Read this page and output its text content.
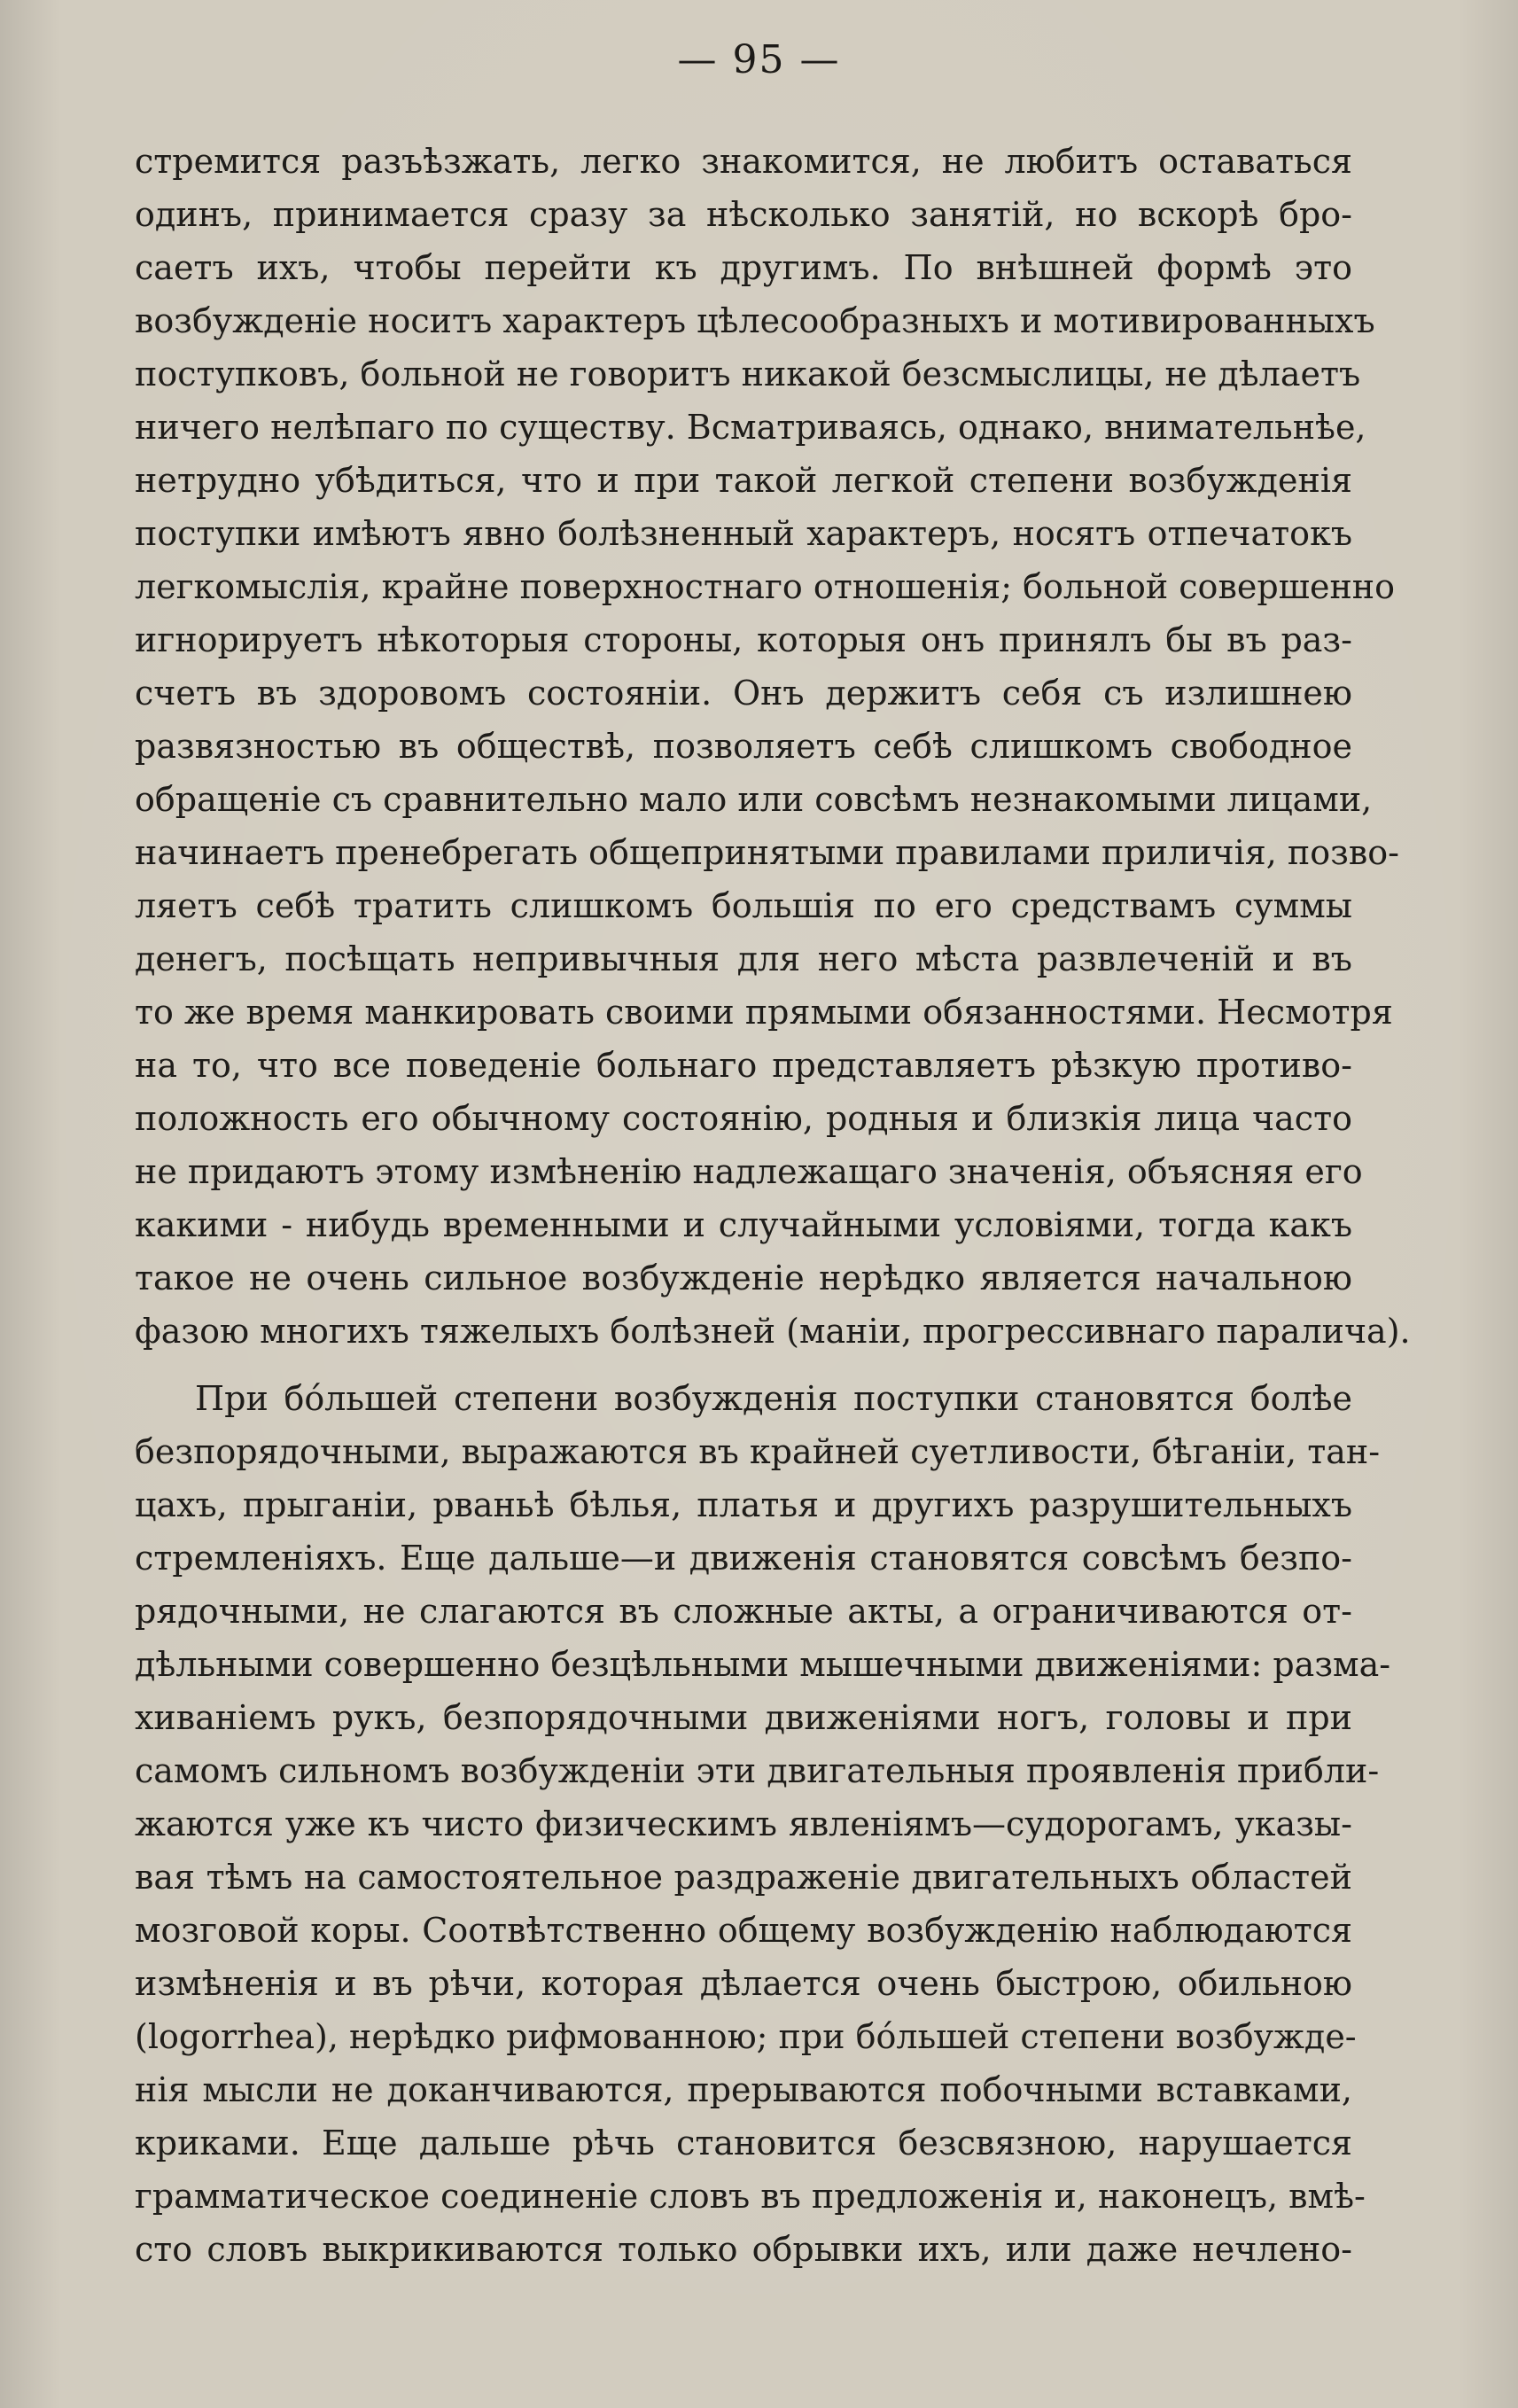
— 95 —
стремится разъѣзжать, легко знакомится, не любитъ оставаться
одинъ, принимается сразу за нѣсколько занятій, но вскорѣ бро-
саетъ ихъ, чтобы перейти къ другимъ. По внѣшней формѣ это
возбужденіе носитъ характеръ цѣлесообразныхъ и мотивированныхъ
поступковъ, больной не говоритъ никакой безсмыслицы, не дѣлаетъ
ничего нелѣпаго по существу. Всматриваясь, однако, внимательнѣе,
нетрудно убѣдиться, что и при такой легкой степени возбужденія
поступки имѣютъ явно болѣзненный характеръ, носятъ отпечатокъ
легкомыслія, крайне поверхностнаго отношенія; больной совершенно
игнорируетъ нѣкоторыя стороны, которыя онъ принялъ бы въ раз-
счетъ въ здоровомъ состояніи. Онъ держитъ себя съ излишнею
развязностью въ обществѣ, позволяетъ себѣ слишкомъ свободное
обращеніе съ сравнительно мало или совсѣмъ незнакомыми лицами,
начинаетъ пренебрегать общепринятыми правилами приличія, позво-
ляетъ себѣ тратить слишкомъ большія по его средствамъ суммы
денегъ, посѣщать непривычныя для него мѣста развлеченій и въ
то же время манкировать своими прямыми обязанностями. Несмотря
на то, что все поведеніе больнаго представляетъ рѣзкую противо-
положность его обычному состоянію, родныя и близкія лица часто
не придаютъ этому измѣненію надлежащаго значенія, объясняя его
какими - нибудь временными и случайными условіями, тогда какъ
такое не очень сильное возбужденіе нерѣдко является начальною
фазою многихъ тяжелыхъ болѣзней (маніи, прогрессивнаго паралича).
При бóльшей степени возбужденія поступки становятся болѣе
безпорядочными, выражаются въ крайней суетливости, бѣганіи, тан-
цахъ, прыганіи, рваньѣ бѣлья, платья и другихъ разрушительныхъ
стремленіяхъ. Еще дальше—и движенія становятся совсѣмъ безпо-
рядочными, не слагаются въ сложные акты, а ограничиваются от-
дѣльными совершенно безцѣльными мышечными движеніями: разма-
хиваніемъ рукъ, безпорядочными движеніями ногъ, головы и при
самомъ сильномъ возбужденіи эти двигательныя проявленія прибли-
жаются уже къ чисто физическимъ явленіямъ—судорогамъ, указы-
вая тѣмъ на самостоятельное раздраженіе двигательныхъ областей
мозговой коры. Соотвѣтственно общему возбужденію наблюдаются
измѣненія и въ рѣчи, которая дѣлается очень быстрою, обильною
(logorrhea), нерѣдко рифмованною; при бóльшей степени возбужде-
нія мысли не доканчиваются, прерываются побочными вставками,
криками. Еще дальше рѣчь становится безсвязною, нарушается
грамматическое соединеніе словъ въ предложенія и, наконецъ, вмѣ-
сто словъ выкрикиваются только обрывки ихъ, или даже нечлено-
